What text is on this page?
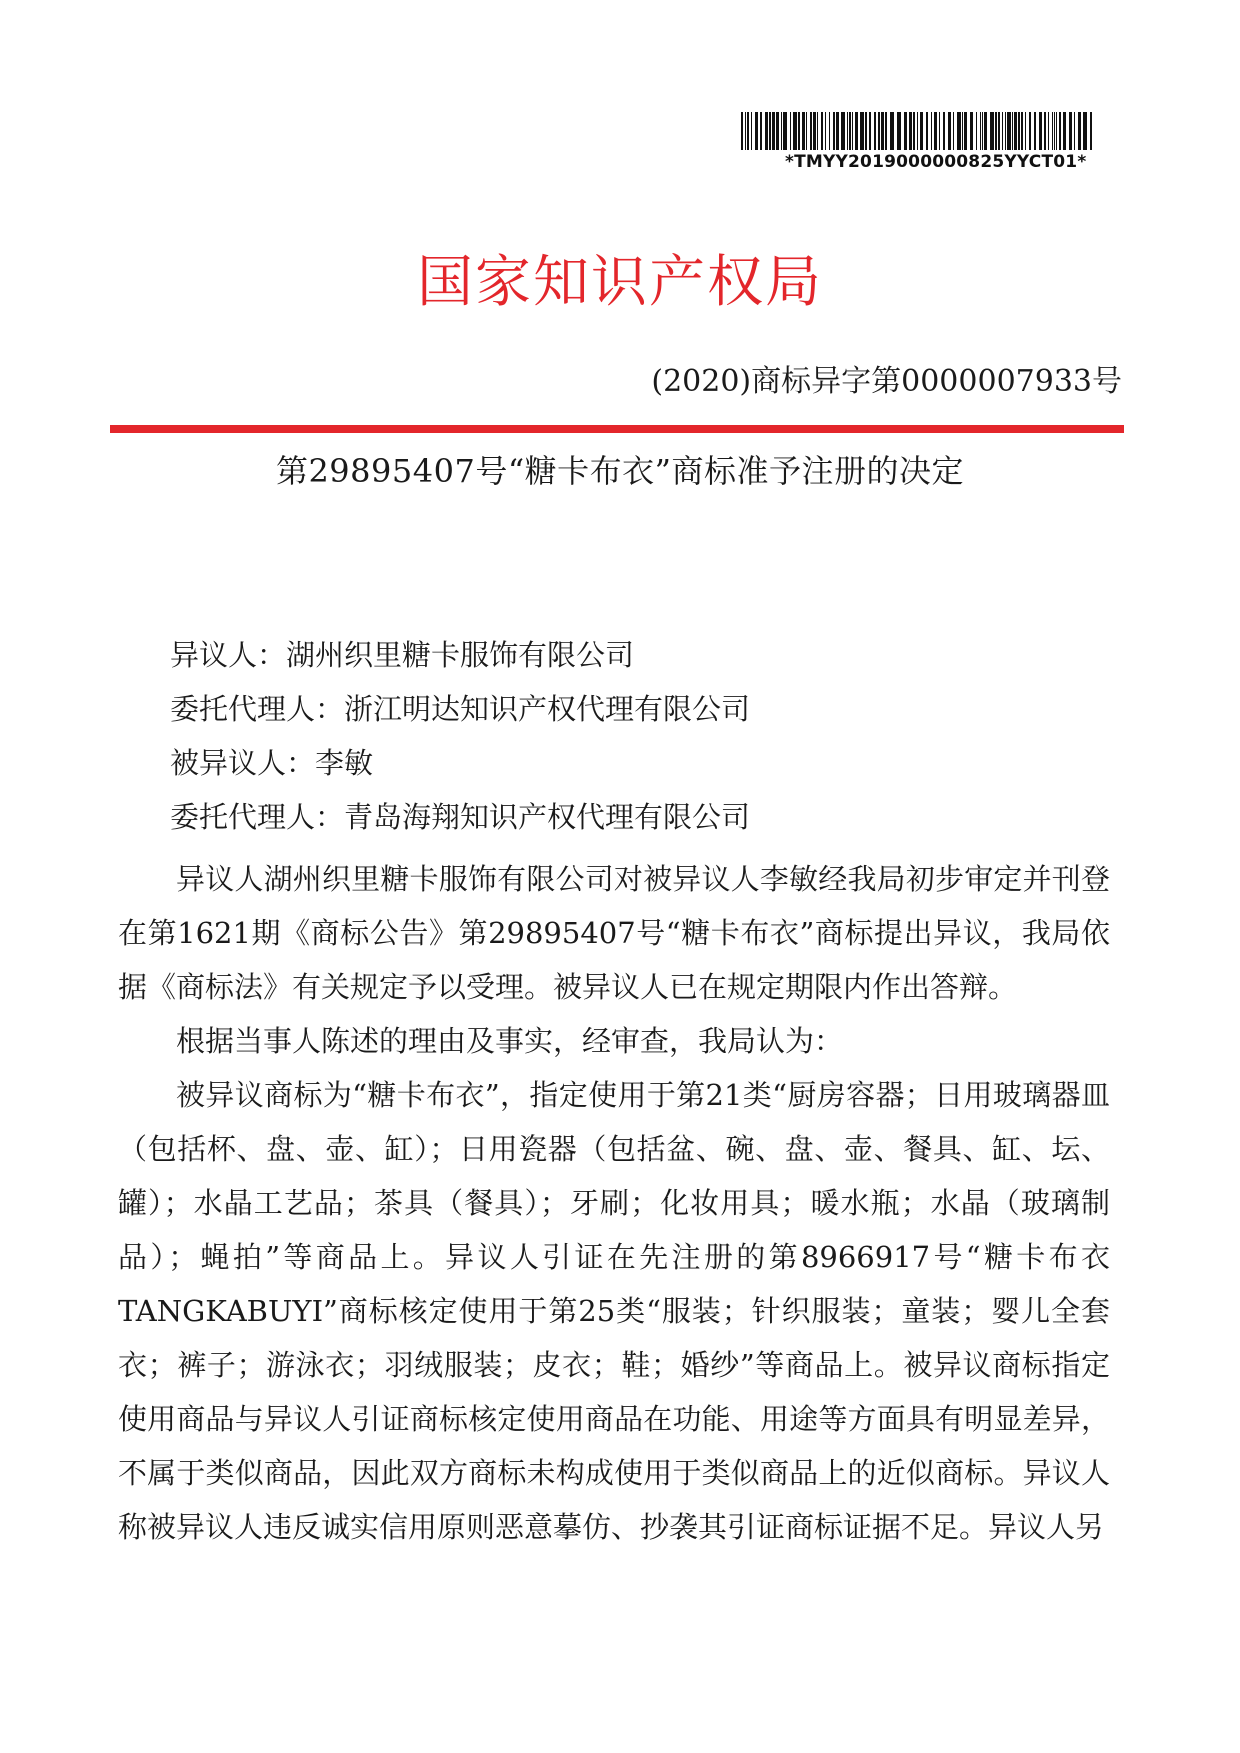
*TMYY2019000000825YYCT01*
国家知识产权局
(2020)商标异字第0000007933号
第29895407号“糖卡布衣”商标准予注册的决定
异议人：湖州织里糖卡服饰有限公司
委托代理人：浙江明达知识产权代理有限公司
被异议人：李敏
委托代理人：青岛海翔知识产权代理有限公司

异议人湖州织里糖卡服饰有限公司对被异议人李敏经我局初步审定并刊登在第1621期《商标公告》第29895407号“糖卡布衣”商标提出异议，我局依据《商标法》有关规定予以受理。被异议人已在规定期限内作出答辩。

根据当事人陈述的理由及事实，经审查，我局认为：

被异议商标为“糖卡布衣”，指定使用于第21类“厨房容器；日用玻璃器皿（包括杯、盘、壶、缸）；日用瓷器（包括盆、碗、盘、壶、餐具、缸、坛、罐）；水晶工艺品；茶具（餐具）；牙刷；化妆用具；暖水瓶；水晶（玻璃制品）；蝇拍”等商品上。异议人引证在先注册的第8966917号“糖卡布衣TANGKABUYI”商标核定使用于第25类“服装；针织服装；童装；婴儿全套衣；裤子；游泳衣；羽绒服装；皮衣；鞋；婚纱”等商品上。被异议商标指定使用商品与异议人引证商标核定使用商品在功能、用途等方面具有明显差异，不属于类似商品，因此双方商标未构成使用于类似商品上的近似商标。异议人称被异议人违反诚实信用原则恶意摹仿、抄袭其引证商标证据不足。异议人另
